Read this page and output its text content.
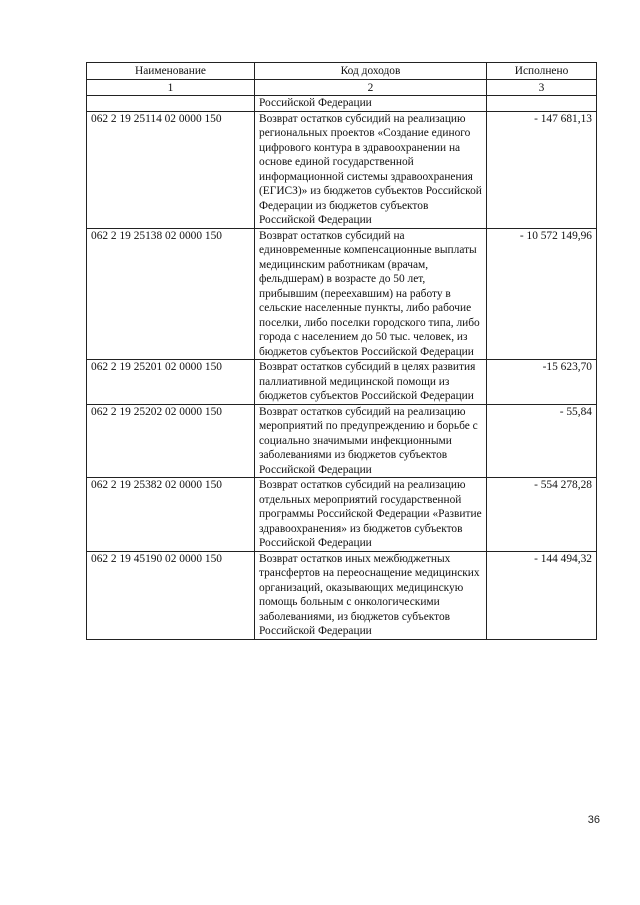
Наименование	Код доходов	Исполнено
1	2	3
	Российской Федерации	
062 2 19 25114 02 0000 150	Возврат остатков субсидий на реализацию региональных проектов «Создание единого цифрового контура в здравоохранении на основе единой государственной информационной системы здравоохранения (ЕГИСЗ)» из бюджетов субъектов Российской Федерации из бюджетов субъектов Российской Федерации	- 147 681,13
062 2 19 25138 02 0000 150	Возврат остатков субсидий на единовременные компенсационные выплаты медицинским работникам (врачам, фельдшерам) в возрасте до 50 лет, прибывшим (переехавшим) на работу в сельские населенные пункты, либо рабочие поселки, либо поселки городского типа, либо города с населением до 50 тыс. человек, из бюджетов субъектов Российской Федерации	- 10 572 149,96
062 2 19 25201 02 0000 150	Возврат остатков субсидий в целях развития паллиативной медицинской помощи из бюджетов субъектов Российской Федерации	-15 623,70
062 2 19 25202 02 0000 150	Возврат остатков субсидий на реализацию мероприятий по предупреждению и борьбе с социально значимыми инфекционными заболеваниями из бюджетов субъектов Российской Федерации	- 55,84
062 2 19 25382 02 0000 150	Возврат остатков субсидий на реализацию отдельных мероприятий государственной программы Российской Федерации «Развитие здравоохранения» из бюджетов субъектов Российской Федерации	- 554 278,28
062 2 19 45190 02 0000 150	Возврат остатков иных межбюджетных трансфертов на переоснащение медицинских организаций, оказывающих медицинскую помощь больным с онкологическими заболеваниями, из бюджетов субъектов Российской Федерации	- 144 494,32
36
